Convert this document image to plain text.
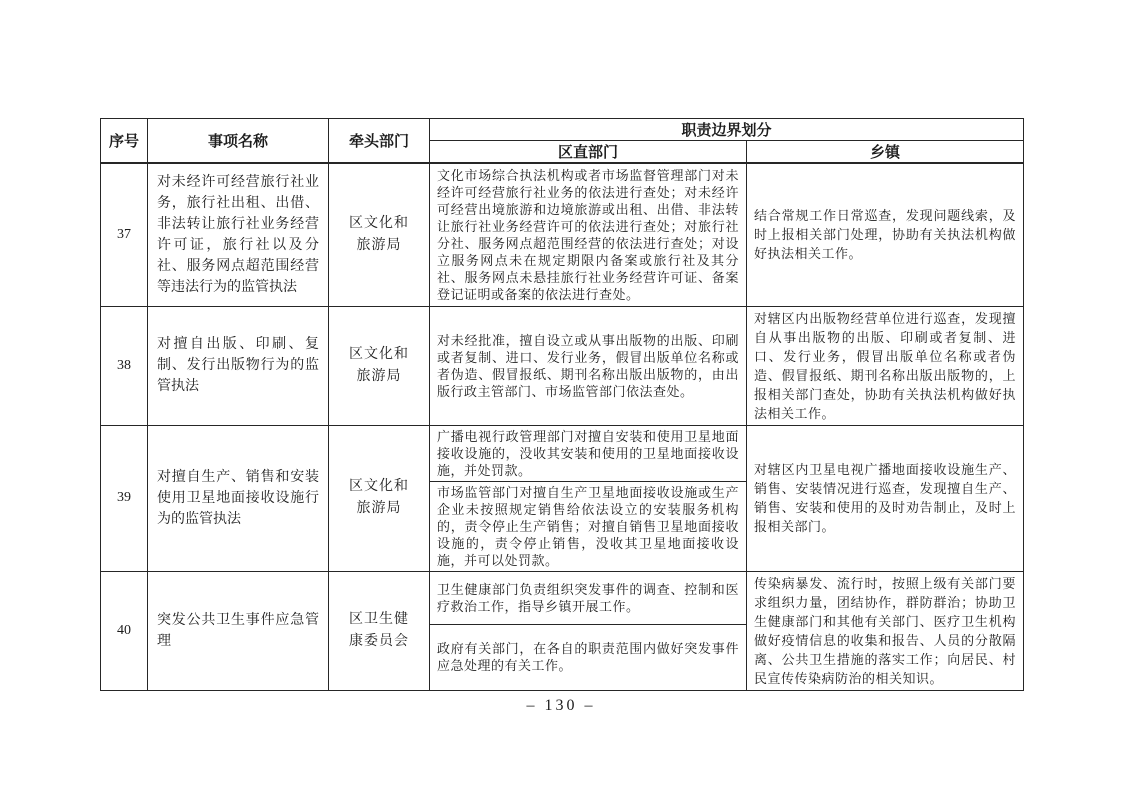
序号	事项名称	牵头部门	职责边界划分	
			区直部门	乡镇
37	对未经许可经营旅行社业务，旅行社出租、出借、非法转让旅行社业务经营许可证，旅行社以及分社、服务网点超范围经营等违法行为的监管执法	区文化和旅游局	文化市场综合执法机构或者市场监督管理部门对未经许可经营旅行社业务的依法进行查处；对未经许可经营出境旅游和边境旅游或出租、出借、非法转让旅行社业务经营许可的依法进行查处；对旅行社分社、服务网点超范围经营的依法进行查处；对设立服务网点未在规定期限内备案或旅行社及其分社、服务网点未悬挂旅行社业务经营许可证、备案登记证明或备案的依法进行查处。	结合常规工作日常巡查，发现问题线索，及时上报相关部门处理，协助有关执法机构做好执法相关工作。
38	对擅自出版、印刷、复制、发行出版物行为的监管执法	区文化和旅游局	对未经批准，擅自设立或从事出版物的出版、印刷或者复制、进口、发行业务，假冒出版单位名称或者伪造、假冒报纸、期刊名称出版出版物的，由出版行政主管部门、市场监管部门依法查处。	对辖区内出版物经营单位进行巡查，发现擅自从事出版物的出版、印刷或者复制、进口、发行业务，假冒出版单位名称或者伪造、假冒报纸、期刊名称出版出版物的，上报相关部门查处，协助有关执法机构做好执法相关工作。
39	对擅自生产、销售和安装使用卫星地面接收设施行为的监管执法	区文化和旅游局	广播电视行政管理部门对擅自安装和使用卫星地面接收设施的，没收其安装和使用的卫星地面接收设施，并处罚款。	对辖区内卫星电视广播地面接收设施生产、销售、安装情况进行巡查，发现擅自生产、销售、安装和使用的及时劝告制止，及时上报相关部门。
			市场监管部门对擅自生产卫星地面接收设施或生产企业未按照规定销售给依法设立的安装服务机构的，责令停止生产销售；对擅自销售卫星地面接收设施的，责令停止销售，没收其卫星地面接收设施，并可以处罚款。	
40	突发公共卫生事件应急管理	区卫生健康委员会	卫生健康部门负责组织突发事件的调查、控制和医疗救治工作，指导乡镇开展工作。	传染病暴发、流行时，按照上级有关部门要求组织力量，团结协作，群防群治；协助卫生健康部门和其他有关部门、医疗卫生机构做好疫情信息的收集和报告、人员的分散隔离、公共卫生措施的落实工作；向居民、村民宣传传染病防治的相关知识。
			政府有关部门，在各自的职责范围内做好突发事件应急处理的有关工作。	
– 130 –
